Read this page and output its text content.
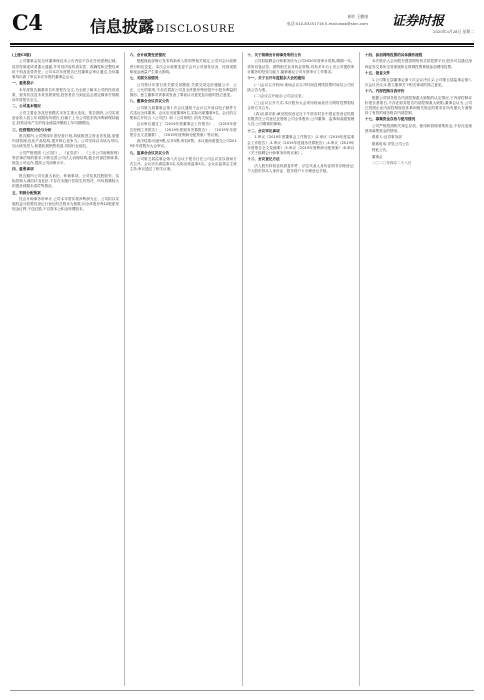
C4	信息披露 DISCLOSURE
制作 王鹏康
电话:010-83251716 E-mail:zqsb@stcn.com 证券时报
2020年4月28日 星期二

(上接C3版)

公司董事会及全体董事保证本公告内容不存在任何虚假记载、误导性陈述或者重大遗漏,并对其内容的真实性、准确性和完整性承担个别及连带责任。公司本次年度报告已经董事会审议通过,全体董事均出席了审议本次年报的董事会会议。

一、重要提示

本年度报告摘要来自年度报告全文,为全面了解本公司的经营成果、财务状况及未来发展规划,投资者应当到证监会指定媒体仔细阅读年度报告全文。

二、公司基本情况

公司主要业务及经营模式未发生重大变化。报告期内,公司实现营业收入较上年同期有所增长,归属于上市公司股东的净利润保持稳定,经营活动产生的现金流量净额较上年同期增加。

三、经营情况讨论与分析

报告期内,公司围绕年度经营计划,持续推进主营业务发展,加强内部管理,优化产品结构,提升核心竞争力。公司坚持以市场为导向,加大研发投入,积极拓展销售渠道,巩固行业地位。

公司严格按照《公司法》、《证券法》、《上市公司治理准则》等法律法规的要求,不断完善公司法人治理结构,健全内部控制体系,规范公司运作,提高公司治理水平。

四、重要事项

报告期内公司无重大诉讼、仲裁事项。公司及其控股股东、实际控制人诚信状况良好,不存在未履行法院生效判决、所负数额较大的债务到期未清偿等情况。

五、利润分配预案

经会计师事务所审计,公司本年度实现净利润为正。公司拟以实施权益分派股权登记日登记的总股本为基数,向全体股东每10股派发现金红利,不送红股,不以资本公积金转增股本。

六、会计政策变更情况

根据财政部修订发布的新收入准则等相关规定,公司对会计政策进行相应变更。本次会计政策变更不会对公司财务状况、经营成果和现金流量产生重大影响。

七、关联交易情况

公司预计年度日常关联交易额度,关联交易定价遵循公平、公正、公允的原则,不存在损害公司及全体股东特别是中小股东利益的情形。独立董事对该事项发表了事前认可意见及同意的独立意见。

八、董事会会议决议公告

公司第五届董事会第十次会议通知于会议召开前以电子邮件方式送达全体董事。会议应出席董事9名,实际出席董事9名。会议的召集和召开符合《公司法》和《公司章程》的有关规定。

会议审议通过了《2019年度董事会工作报告》、《2019年度总经理工作报告》、《2019年度财务决算报告》、《2019年年度报告全文及摘要》、《2019年度利润分配预案》等议案。

表决结果:同意9票,反对0票,弃权0票。本议案尚需提交公司2019年年度股东大会审议。

九、监事会会议决议公告

公司第五届监事会第八次会议于报告日在公司会议室以现场方式召开。会议应出席监事3名,实际出席监事3名。会议由监事会主席主持,审议通过了相关议案。

十、关于续聘会计师事务所的公告

公司拟续聘会计师事务所为公司2020年度审计机构,聘期一年。该所具备证券、期货相关业务执业资格,具有多年为上市公司提供审计服务的经验与能力,能够满足公司年度审计工作要求。

十一、关于召开年度股东大会的通知

(一)会议召开时间:现场会议召开时间及网络投票时间以公司后续公告为准。

(二)会议召开地点:公司会议室。

(三)会议召开方式:本次股东大会采用现场表决与网络投票相结合的方式召开。

(四)出席对象:截至股权登记日下午收市时在中国证券登记结算有限责任公司登记在册的公司全体股东;公司董事、监事和高级管理人员;公司聘请的律师。

十二、会议审议事项

1.审议《2019年度董事会工作报告》;2.审议《2019年度监事会工作报告》;3.审议《2019年度财务决算报告》;4.审议《2019年年度报告全文及摘要》;5.审议《2019年度利润分配预案》;6.审议《关于续聘会计师事务所的议案》。

十三、会议登记方法

法人股东持营业执照复印件、法定代表人身份证明书办理登记;个人股东持本人身份证、股东账户卡办理登记手续。

十四、参加网络投票的具体操作流程

本次股东大会向股东提供网络形式的投票平台,股东可以通过深圳证券交易所交易系统和互联网投票系统参加网络投票。

十五、备查文件

1.公司第五届董事会第十次会议决议;2.公司第五届监事会第八次会议决议;3.独立董事关于相关事项的独立意见。

十六、内部控制自我评价

根据公司财务报告内部控制重大缺陷的认定情况,于内部控制评价报告基准日,不存在财务报告内部控制重大缺陷,董事会认为,公司已按照企业内部控制规范体系和相关规定的要求在所有重大方面保持了有效的财务报告内部控制。

十七、募集资金存放与使用情况

公司严格按照相关规定存放、使用和管理募集资金,不存在违规使用募集资金的情形。

联系人:证券事务部

联系电话:详见公司公告

特此公告。

董事会

二〇二〇年四月二十八日
